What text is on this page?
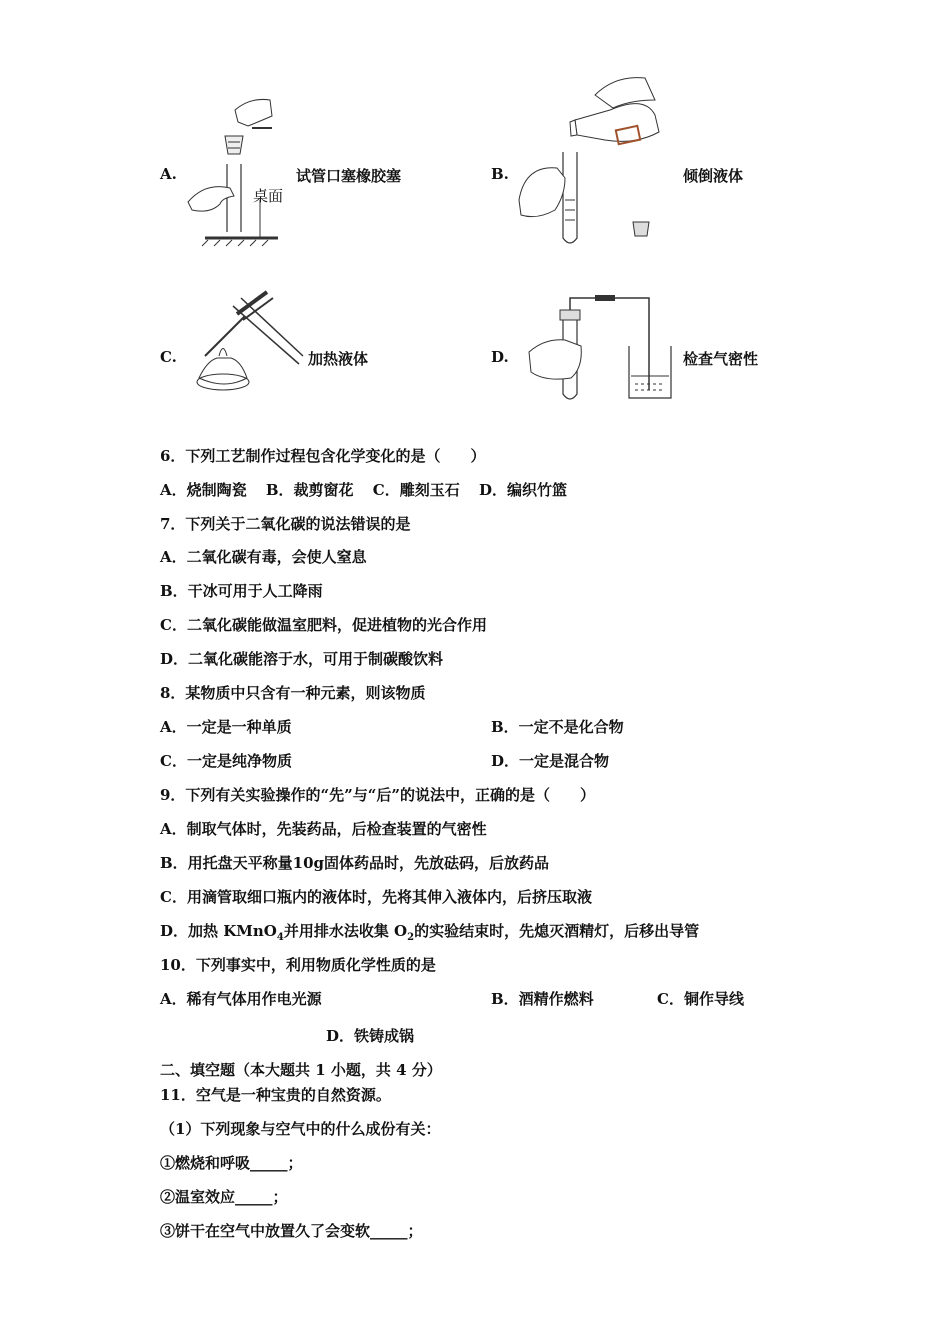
A.
桌面
试管口塞橡胶塞	B.	倾倒液体
C.	加热液体	D.	检查气密性
6．下列工艺制作过程包含化学变化的是（　　）
A．烧制陶瓷 B．裁剪窗花 C．雕刻玉石 D．编织竹篮
7．下列关于二氧化碳的说法错误的是
A．二氧化碳有毒，会使人窒息
B．干冰可用于人工降雨
C．二氧化碳能做温室肥料，促进植物的光合作用
D．二氧化碳能溶于水，可用于制碳酸饮料
8．某物质中只含有一种元素，则该物质
A．一定是一种单质	B．一定不是化合物
C．一定是纯净物质	D．一定是混合物
9．下列有关实验操作的“先”与“后”的说法中，正确的是（　　）
A．制取气体时，先装药品，后检查装置的气密性
B．用托盘天平称量10g固体药品时，先放砝码，后放药品
C．用滴管取细口瓶内的液体时，先将其伸入液体内，后挤压取液
D．加热 KMnO$_4$并用排水法收集 $O_2$的实验结束时，先熄灭酒精灯，后移出导管
10．下列事实中，利用物质化学性质的是
A．稀有气体用作电光源	B．酒精作燃料	C．铜作导线
D．铁铸成锅
二、填空题（本大题共 1 小题，共 4 分）
11．空气是一种宝贵的自然资源。
（1）下列现象与空气中的什么成份有关：
①燃烧和呼吸_____；
②温室效应_____；
③饼干在空气中放置久了会变软_____；
